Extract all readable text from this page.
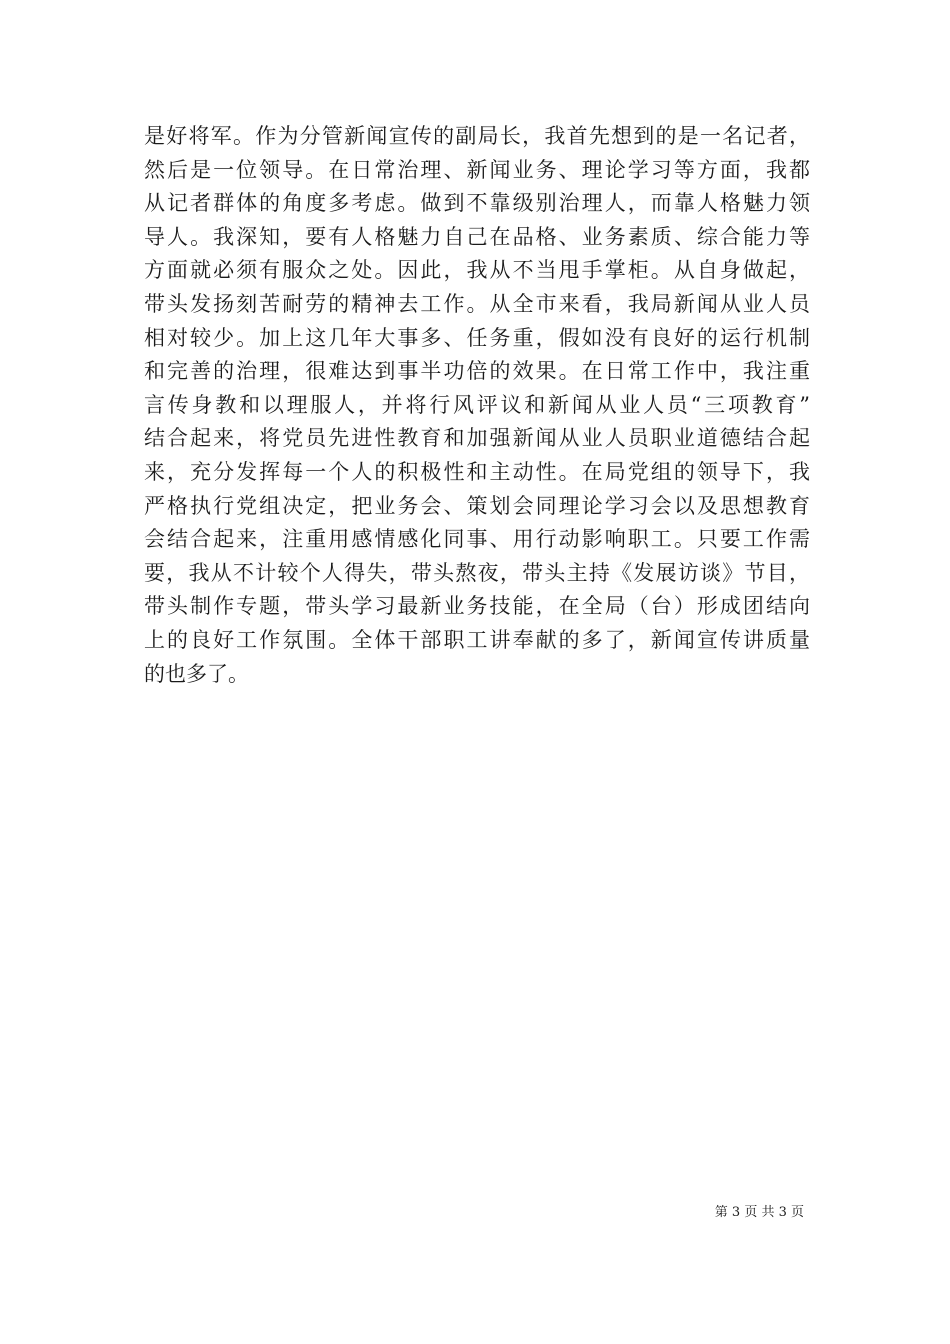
是好将军。作为分管新闻宣传的副局长，我首先想到的是一名记者，
然后是一位领导。在日常治理、新闻业务、理论学习等方面，我都
从记者群体的角度多考虑。做到不靠级别治理人，而靠人格魅力领
导人。我深知，要有人格魅力自己在品格、业务素质、综合能力等
方面就必须有服众之处。因此，我从不当甩手掌柜。从自身做起，
带头发扬刻苦耐劳的精神去工作。从全市来看，我局新闻从业人员
相对较少。加上这几年大事多、任务重，假如没有良好的运行机制
和完善的治理，很难达到事半功倍的效果。在日常工作中，我注重
言传身教和以理服人，并将行风评议和新闻从业人员“三项教育”
结合起来，将党员先进性教育和加强新闻从业人员职业道德结合起
来，充分发挥每一个人的积极性和主动性。在局党组的领导下，我
严格执行党组决定，把业务会、策划会同理论学习会以及思想教育
会结合起来，注重用感情感化同事、用行动影响职工。只要工作需
要，我从不计较个人得失，带头熬夜，带头主持《发展访谈》节目，
带头制作专题，带头学习最新业务技能，在全局（台）形成团结向
上的良好工作氛围。全体干部职工讲奉献的多了，新闻宣传讲质量
的也多了。
第 3 页 共 3 页
